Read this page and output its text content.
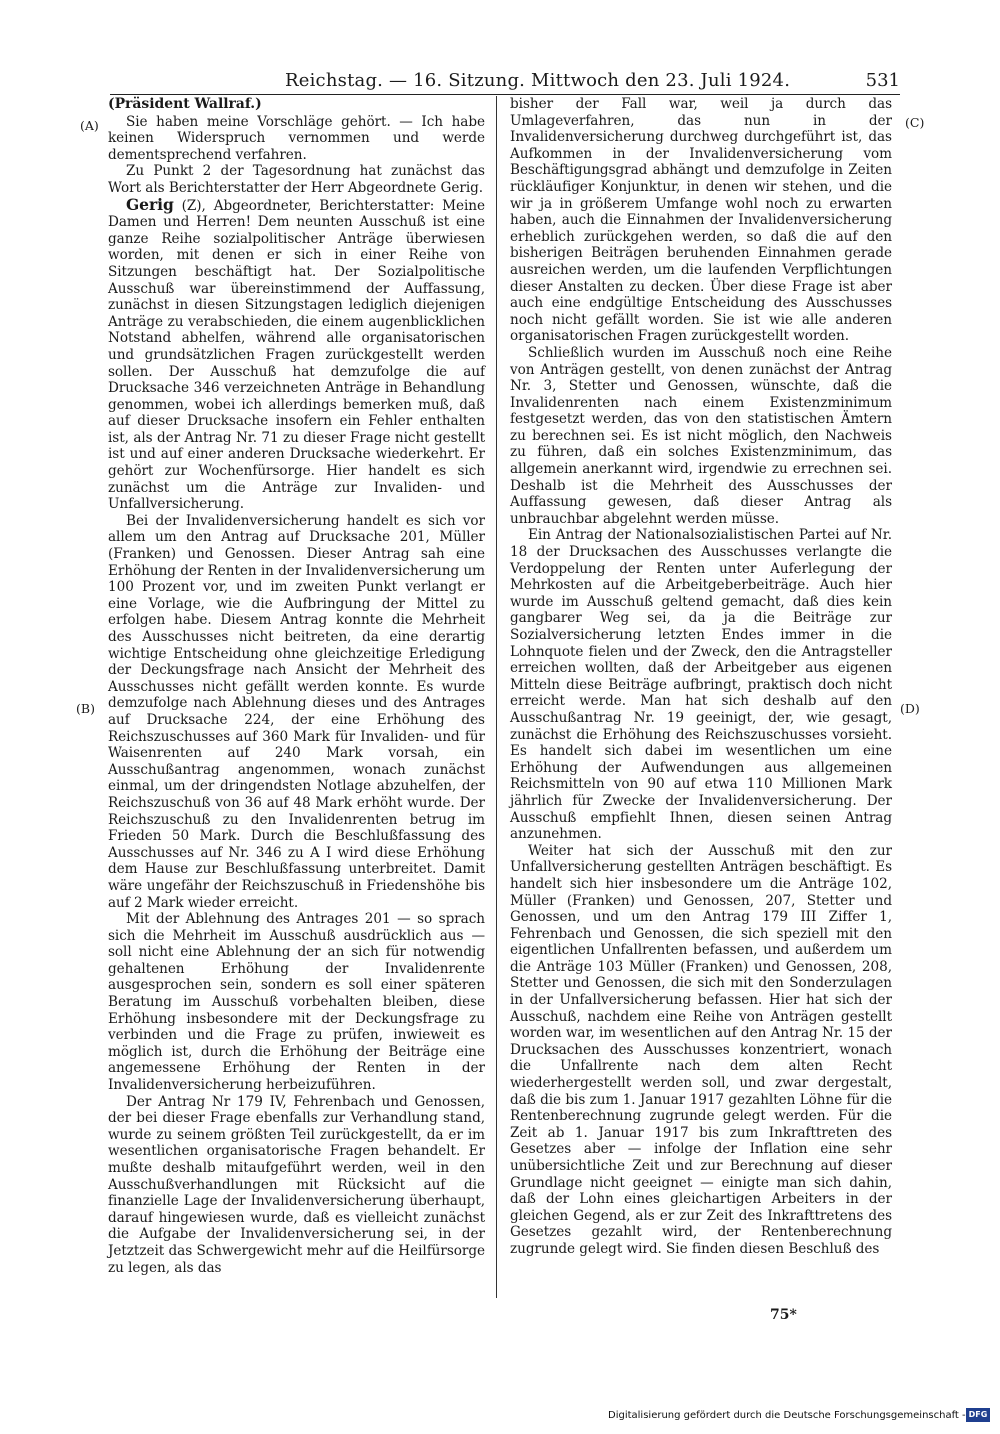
Reichstag. — 16. Sitzung. Mittwoch den 23. Juli 1924.	531
(A)
(B)
(C)
(D)
(Präsident Wallraf.)

Sie haben meine Vorschläge gehört. — Ich habe keinen Widerspruch vernommen und werde dementsprechend verfahren.

Zu Punkt 2 der Tagesordnung hat zunächst das Wort als Berichterstatter der Herr Abgeordnete Gerig.

Gerig (Z), Abgeordneter, Berichterstatter: Meine Damen und Herren! Dem neunten Ausschuß ist eine ganze Reihe sozialpolitischer Anträge überwiesen worden, mit denen er sich in einer Reihe von Sitzungen beschäftigt hat. Der Sozialpolitische Ausschuß war übereinstimmend der Auffassung, zunächst in diesen Sitzungstagen lediglich diejenigen Anträge zu verabschieden, die einem augenblicklichen Notstand abhelfen, während alle organisatorischen und grundsätzlichen Fragen zurückgestellt werden sollen. Der Ausschuß hat demzufolge die auf Drucksache 346 verzeichneten Anträge in Behandlung genommen, wobei ich allerdings bemerken muß, daß auf dieser Drucksache insofern ein Fehler enthalten ist, als der Antrag Nr. 71 zu dieser Frage nicht gestellt ist und auf einer anderen Drucksache wiederkehrt. Er gehört zur Wochenfürsorge. Hier handelt es sich zunächst um die Anträge zur Invaliden- und Unfallversicherung.

Bei der Invalidenversicherung handelt es sich vor allem um den Antrag auf Drucksache 201, Müller (Franken) und Genossen. Dieser Antrag sah eine Erhöhung der Renten in der Invalidenversicherung um 100 Prozent vor, und im zweiten Punkt verlangt er eine Vorlage, wie die Aufbringung der Mittel zu erfolgen habe. Diesem Antrag konnte die Mehrheit des Ausschusses nicht beitreten, da eine derartig wichtige Entscheidung ohne gleichzeitige Erledigung der Deckungsfrage nach Ansicht der Mehrheit des Ausschusses nicht gefällt werden konnte. Es wurde demzufolge nach Ablehnung dieses und des Antrages auf Drucksache 224, der eine Erhöhung des Reichszuschusses auf 360 Mark für Invaliden- und für Waisenrenten auf 240 Mark vorsah, ein Ausschußantrag angenommen, wonach zunächst einmal, um der dringendsten Notlage abzuhelfen, der Reichszuschuß von 36 auf 48 Mark erhöht wurde. Der Reichszuschuß zu den Invalidenrenten betrug im Frieden 50 Mark. Durch die Beschlußfassung des Ausschusses auf Nr. 346 zu A I wird diese Erhöhung dem Hause zur Beschlußfassung unterbreitet. Damit wäre ungefähr der Reichszuschuß in Friedenshöhe bis auf 2 Mark wieder erreicht.

Mit der Ablehnung des Antrages 201 — so sprach sich die Mehrheit im Ausschuß ausdrücklich aus — soll nicht eine Ablehnung der an sich für notwendig gehaltenen Erhöhung der Invalidenrente ausgesprochen sein, sondern es soll einer späteren Beratung im Ausschuß vorbehalten bleiben, diese Erhöhung insbesondere mit der Deckungsfrage zu verbinden und die Frage zu prüfen, inwieweit es möglich ist, durch die Erhöhung der Beiträge eine angemessene Erhöhung der Renten in der Invalidenversicherung herbeizuführen.

Der Antrag Nr 179 IV, Fehrenbach und Genossen, der bei dieser Frage ebenfalls zur Verhandlung stand, wurde zu seinem größten Teil zurückgestellt, da er im wesentlichen organisatorische Fragen behandelt. Er mußte deshalb mitaufgeführt werden, weil in den Ausschußverhandlungen mit Rücksicht auf die finanzielle Lage der Invalidenversicherung überhaupt, darauf hingewiesen wurde, daß es vielleicht zunächst die Aufgabe der Invalidenversicherung sei, in der Jetztzeit das Schwergewicht mehr auf die Heilfürsorge zu legen, als das

bisher der Fall war, weil ja durch das Umlageverfahren, das nun in der Invalidenversicherung durchweg durchgeführt ist, das Aufkommen in der Invalidenversicherung vom Beschäftigungsgrad abhängt und demzufolge in Zeiten rückläufiger Konjunktur, in denen wir stehen, und die wir ja in größerem Umfange wohl noch zu erwarten haben, auch die Einnahmen der Invalidenversicherung erheblich zurückgehen werden, so daß die auf den bisherigen Beiträgen beruhenden Einnahmen gerade ausreichen werden, um die laufenden Verpflichtungen dieser Anstalten zu decken. Über diese Frage ist aber auch eine endgültige Entscheidung des Ausschusses noch nicht gefällt worden. Sie ist wie alle anderen organisatorischen Fragen zurückgestellt worden.

Schließlich wurden im Ausschuß noch eine Reihe von Anträgen gestellt, von denen zunächst der Antrag Nr. 3, Stetter und Genossen, wünschte, daß die Invalidenrenten nach einem Existenzminimum festgesetzt werden, das von den statistischen Ämtern zu berechnen sei. Es ist nicht möglich, den Nachweis zu führen, daß ein solches Existenzminimum, das allgemein anerkannt wird, irgendwie zu errechnen sei. Deshalb ist die Mehrheit des Ausschusses der Auffassung gewesen, daß dieser Antrag als unbrauchbar abgelehnt werden müsse.

Ein Antrag der Nationalsozialistischen Partei auf Nr. 18 der Drucksachen des Ausschusses verlangte die Verdoppelung der Renten unter Auferlegung der Mehrkosten auf die Arbeitgeberbeiträge. Auch hier wurde im Ausschuß geltend gemacht, daß dies kein gangbarer Weg sei, da ja die Beiträge zur Sozialversicherung letzten Endes immer in die Lohnquote fielen und der Zweck, den die Antragsteller erreichen wollten, daß der Arbeitgeber aus eigenen Mitteln diese Beiträge aufbringt, praktisch doch nicht erreicht werde. Man hat sich deshalb auf den Ausschußantrag Nr. 19 geeinigt, der, wie gesagt, zunächst die Erhöhung des Reichszuschusses vorsieht. Es handelt sich dabei im wesentlichen um eine Erhöhung der Aufwendungen aus allgemeinen Reichsmitteln von 90 auf etwa 110 Millionen Mark jährlich für Zwecke der Invalidenversicherung. Der Ausschuß empfiehlt Ihnen, diesen seinen Antrag anzunehmen.

Weiter hat sich der Ausschuß mit den zur Unfallversicherung gestellten Anträgen beschäftigt. Es handelt sich hier insbesondere um die Anträge 102, Müller (Franken) und Genossen, 207, Stetter und Genossen, und um den Antrag 179 III Ziffer 1, Fehrenbach und Genossen, die sich speziell mit den eigentlichen Unfallrenten befassen, und außerdem um die Anträge 103 Müller (Franken) und Genossen, 208, Stetter und Genossen, die sich mit den Sonderzulagen in der Unfallversicherung befassen. Hier hat sich der Ausschuß, nachdem eine Reihe von Anträgen gestellt worden war, im wesentlichen auf den Antrag Nr. 15 der Drucksachen des Ausschusses konzentriert, wonach die Unfallrente nach dem alten Recht wiederhergestellt werden soll, und zwar dergestalt, daß die bis zum 1. Januar 1917 gezahlten Löhne für die Rentenberechnung zugrunde gelegt werden. Für die Zeit ab 1. Januar 1917 bis zum Inkrafttreten des Gesetzes aber — infolge der Inflation eine sehr unübersichtliche Zeit und zur Berechnung auf dieser Grundlage nicht geeignet — einigte man sich dahin, daß der Lohn eines gleichartigen Arbeiters in der gleichen Gegend, als er zur Zeit des Inkrafttretens des Gesetzes gezahlt wird, der Rentenberechnung zugrunde gelegt wird. Sie finden diesen Beschluß des

75*
Digitalisierung gefördert durch die Deutsche Forschungsgemeinschaft - DFG
